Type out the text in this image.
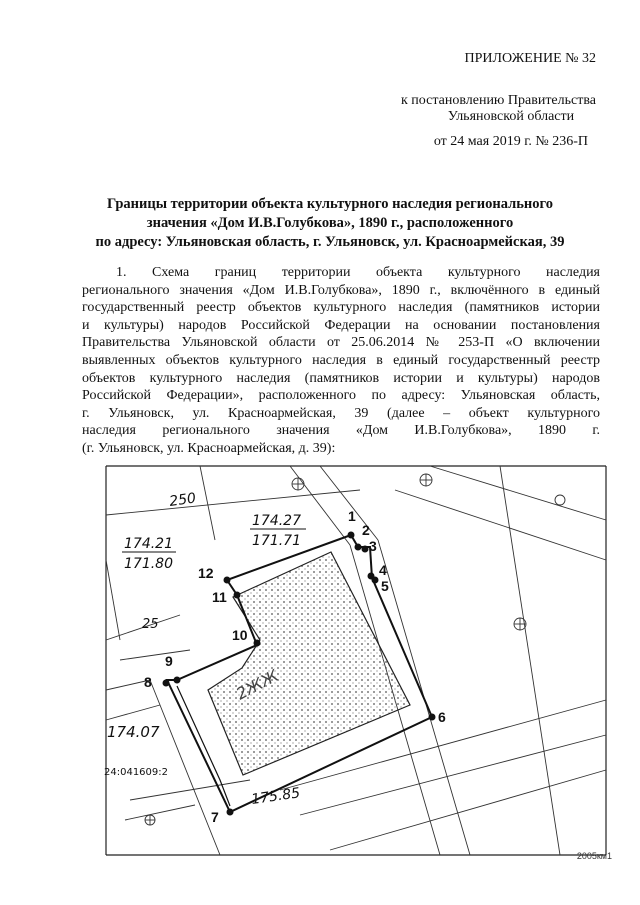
ПРИЛОЖЕНИЕ № 32
к постановлению Правительства
Ульяновской области
от 24 мая 2019 г. № 236-П
Границы территории объекта культурного наследия регионального
значения «Дом И.В.Голубкова», 1890 г., расположенного
по адресу: Ульяновская область, г. Ульяновск, ул. Красноармейская, 39
1. Схема границ территории объекта культурного наследия
регионального значения «Дом И.В.Голубкова», 1890 г., включённого в единый
государственный реестр объектов культурного наследия (памятников истории
и культуры) народов Российской Федерации на основании постановления
Правительства Ульяновской области от 25.06.2014 № 253-П «О включении
выявленных объектов культурного наследия в единый государственный реестр
объектов культурного наследия (памятников истории и культуры) народов
Российской Федерации», расположенного по адресу: Ульяновская область,
г. Ульяновск, ул. Красноармейская, 39 (далее – объект культурного
наследия регионального значения «Дом И.В.Голубкова», 1890 г.
(г. Ульяновск, ул. Красноармейская, д. 39):
1
2
3
4
5
6
7
8
9
10
11
12
174.21
171.80
174.27
171.71
250
25
174.07
175.85
24:041609:2
2ЖЖ
2005км1
